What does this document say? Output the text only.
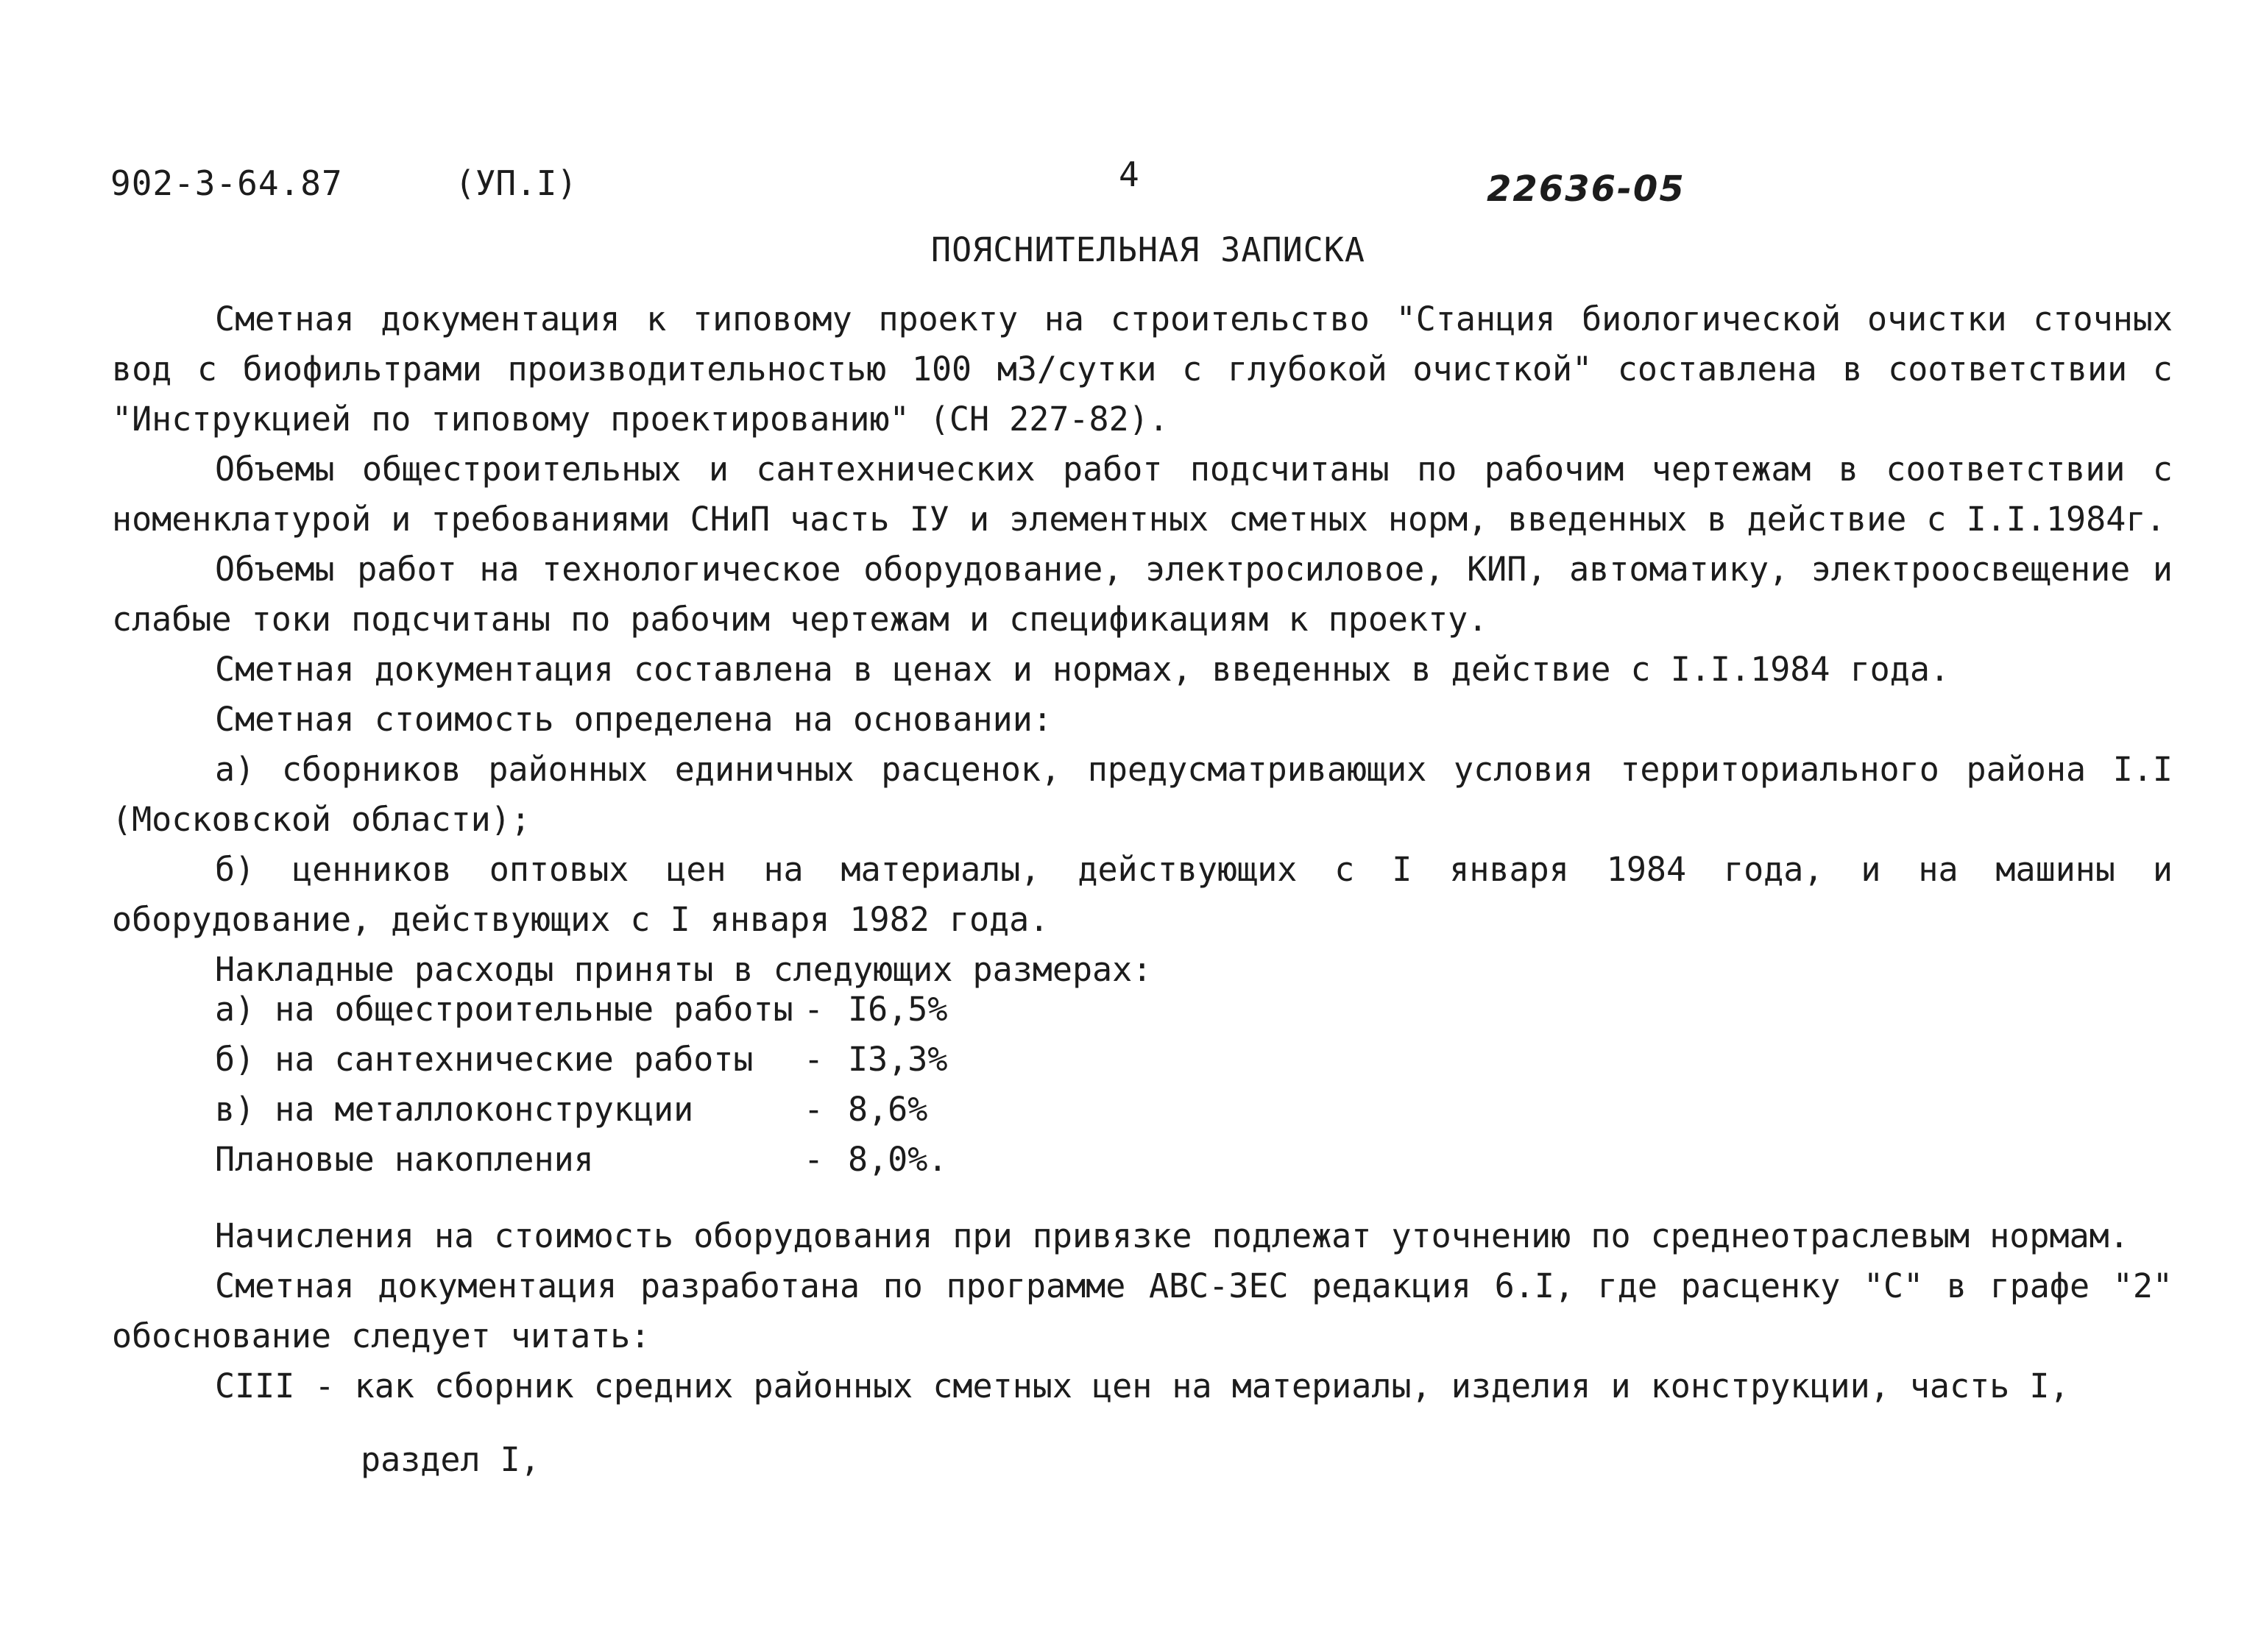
902-3-64.87	(УП.I)	4	22636-05
ПОЯСНИТЕЛЬНАЯ ЗАПИСКА

Сметная документация к типовому проекту на строительство "Станция биологической очистки сточных вод с биофильтрами производительностью 100 м3/сутки с глубокой очисткой" составлена в соответствии с "Инструкцией по типовому проектированию" (СН 227-82).

Объемы общестроительных и сантехнических работ подсчитаны по рабочим чертежам в соответствии с номенклатурой и требованиями СНиП часть IУ и элементных сметных норм, введенных в действие с I.I.1984г.

Объемы работ на технологическое оборудование, электросиловое, КИП, автоматику, электроосвещение и слабые токи подсчитаны по рабочим чертежам и спецификациям к проекту.

Сметная документация составлена в ценах и нормах, введенных в действие с I.I.1984 года.

Сметная стоимость определена на основании:

а) сборников районных единичных расценок, предусматривающих условия территориального района I.I (Московской области);

б) ценников оптовых цен на материалы, действующих с I января 1984 года, и на машины и оборудование, действующих с I января 1982 года.

Накладные расходы приняты в следующих размерах:

а) на общестроительные работы - I6,5%
б) на сантехнические работы	- I3,3%
в) на металлоконструкции	- 8,6%
Плановые накопления	- 8,0%.

Начисления на стоимость оборудования при привязке подлежат уточнению по среднеотраслевым нормам.

Сметная документация разработана по программе АВС-ЗЕС редакция 6.I, где расценку "С" в графе "2" обоснование следует читать:

СIII - как сборник средних районных сметных цен на материалы, изделия и конструкции, часть I,
раздел I,
